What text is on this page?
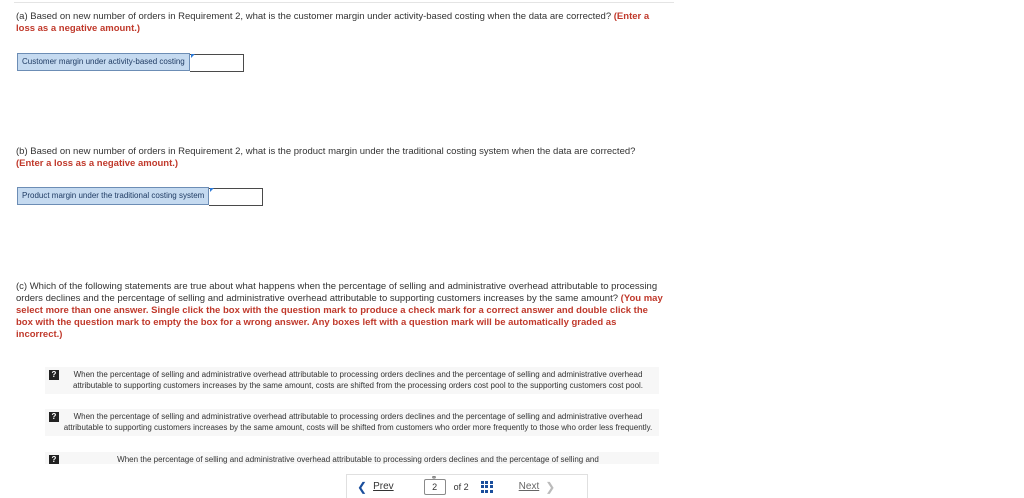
(a) Based on new number of orders in Requirement 2, what is the customer margin under activity-based costing when the data are corrected? (Enter a loss as a negative amount.)
Customer margin under activity-based costing
(b) Based on new number of orders in Requirement 2, what is the product margin under the traditional costing system when the data are corrected? (Enter a loss as a negative amount.)
Product margin under the traditional costing system
(c) Which of the following statements are true about what happens when the percentage of selling and administrative overhead attributable to processing orders declines and the percentage of selling and administrative overhead attributable to supporting customers increases by the same amount? (You may select more than one answer. Single click the box with the question mark to produce a check mark for a correct answer and double click the box with the question mark to empty the box for a wrong answer. Any boxes left with a question mark will be automatically graded as incorrect.)
?	When the percentage of selling and administrative overhead attributable to processing orders declines and the percentage of selling and administrative overhead attributable to supporting customers increases by the same amount, costs are shifted from the processing orders cost pool to the supporting customers cost pool.
?	When the percentage of selling and administrative overhead attributable to processing orders declines and the percentage of selling and administrative overhead attributable to supporting customers increases by the same amount, costs will be shifted from customers who order more frequently to those who order less frequently.
?	When the percentage of selling and administrative overhead attributable to processing orders declines and the percentage of selling and
❮ Prev
⚭
2	of 2	Next ❯
